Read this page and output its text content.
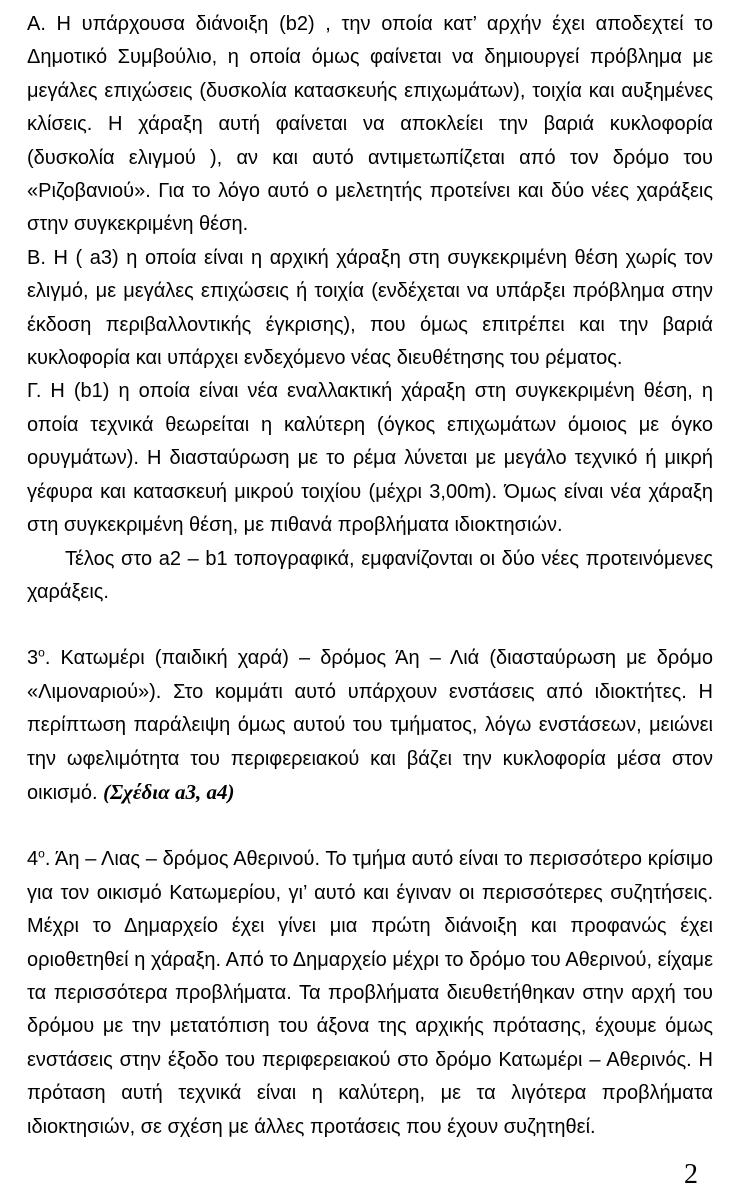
Α. Η υπάρχουσα διάνοιξη (b2) , την οποία κατ’ αρχήν έχει αποδεχτεί το Δημοτικό Συμβούλιο, η οποία όμως φαίνεται να δημιουργεί πρόβλημα με μεγάλες επιχώσεις (δυσκολία κατασκευής επιχωμάτων), τοιχία και αυξημένες κλίσεις. Η χάραξη αυτή φαίνεται να αποκλείει την βαριά κυκλοφορία (δυσκολία ελιγμού ), αν και αυτό αντιμετωπίζεται από τον δρόμο του «Ριζοβανιού». Για το λόγο αυτό ο μελετητής προτείνει και δύο νέες χαράξεις στην συγκεκριμένη θέση.

Β. Η ( a3) η οποία είναι η αρχική χάραξη στη συγκεκριμένη θέση χωρίς τον ελιγμό, με μεγάλες επιχώσεις ή τοιχία (ενδέχεται να υπάρξει πρόβλημα στην έκδοση περιβαλλοντικής έγκρισης), που όμως επιτρέπει και την βαριά κυκλοφορία και υπάρχει ενδεχόμενο νέας διευθέτησης του ρέματος.

Γ. Η (b1) η οποία είναι νέα εναλλακτική χάραξη στη συγκεκριμένη θέση, η οποία τεχνικά θεωρείται η καλύτερη (όγκος επιχωμάτων όμοιος με όγκο ορυγμάτων). Η διασταύρωση με το ρέμα λύνεται με μεγάλο τεχνικό ή μικρή γέφυρα και κατασκευή μικρού τοιχίου (μέχρι 3,00m). Όμως είναι νέα χάραξη στη συγκεκριμένη θέση, με πιθανά προβλήματα ιδιοκτησιών.

Τέλος στο a2 – b1 τοπογραφικά, εμφανίζονται οι δύο νέες προτεινόμενες χαράξεις.

$3^o$. Κατωμέρι (παιδική χαρά) – δρόμος Άη – Λιά (διασταύρωση με δρόμο «Λιμοναριού»). Στο κομμάτι αυτό υπάρχουν ενστάσεις από ιδιοκτήτες. Η περίπτωση παράλειψη όμως αυτού του τμήματος, λόγω ενστάσεων, μειώνει την ωφελιμότητα του περιφερειακού και βάζει την κυκλοφορία μέσα στον οικισμό. (Σχέδια a3, a4)

$4^o$. Άη – Λιας – δρόμος Αθερινού. Το τμήμα αυτό είναι το περισσότερο κρίσιμο για τον οικισμό Κατωμερίου, γι’ αυτό και έγιναν οι περισσότερες συζητήσεις. Μέχρι το Δημαρχείο έχει γίνει μια πρώτη διάνοιξη και προφανώς έχει οριοθετηθεί η χάραξη. Από το Δημαρχείο μέχρι το δρόμο του Αθερινού, είχαμε τα περισσότερα προβλήματα. Τα προβλήματα διευθετήθηκαν στην αρχή του δρόμου με την μετατόπιση του άξονα της αρχικής πρότασης, έχουμε όμως ενστάσεις στην έξοδο του περιφερειακού στο δρόμο Κατωμέρι – Αθερινός. Η πρόταση αυτή τεχνικά είναι η καλύτερη, με τα λιγότερα προβλήματα ιδιοκτησιών, σε σχέση με άλλες προτάσεις που έχουν συζητηθεί.

2
